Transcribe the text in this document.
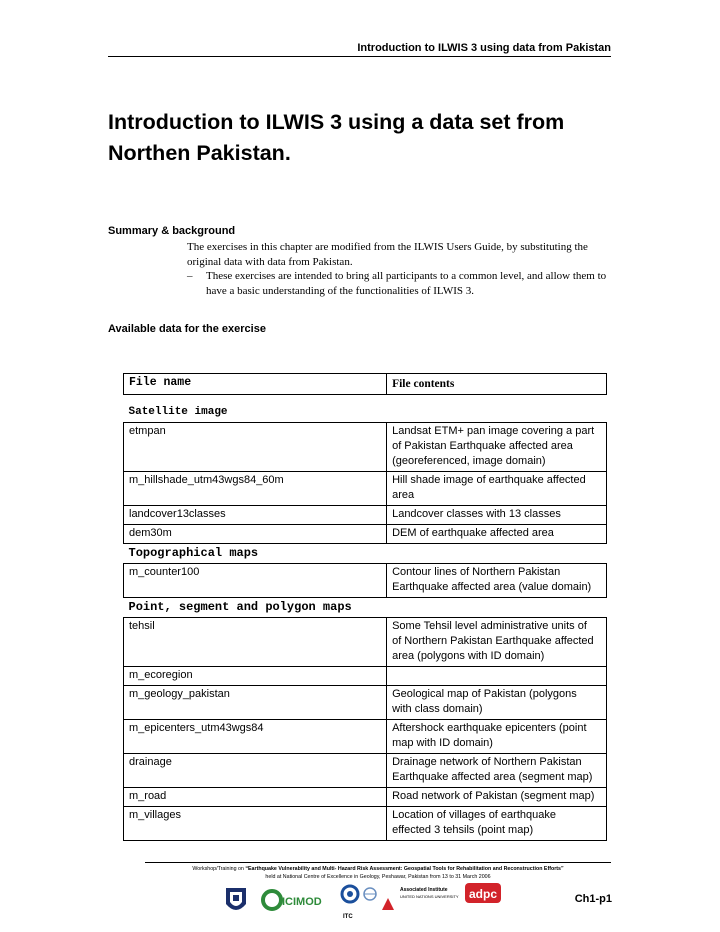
Introduction to ILWIS 3 using data from Pakistan
Introduction to ILWIS 3 using a data set from
Northen Pakistan.
Summary & background
The exercises in this chapter are modified from the ILWIS Users Guide, by substituting the
original data with data from Pakistan.
– These exercises are intended to bring all participants to a common level, and allow them to
have a basic understanding of the functionalities of ILWIS 3.
Available data for the exercise
File name	File contents

Satellite image	
etmpan	Landsat ETM+ pan image covering a part
of Pakistan Earthquake affected area
(georeferenced, image domain)

m_hillshade_utm43wgs84_60m	Hill shade image of earthquake affected
area

landcover13classes	Landcover classes with 13 classes

dem30m	DEM of earthquake affected area

Topographical maps	
m_counter100	Contour lines of Northern Pakistan
Earthquake affected area (value domain)

Point, segment and polygon maps	
tehsil	Some Tehsil level administrative units of
of Northern Pakistan Earthquake affected
area (polygons with ID domain)

m_ecoregion	

m_geology_pakistan	Geological map of Pakistan (polygons
with class domain)

m_epicenters_utm43wgs84	Aftershock earthquake epicenters (point
map with ID domain)

drainage	Drainage network of Northern Pakistan
Earthquake affected area (segment map)

m_road	Road network of Pakistan (segment map)

m_villages	Location of villages of earthquake
effected 3 tehsils (point map)
Workshop/Training on “Earthquake Vulnerability and Multi- Hazard Risk Assessment: Geospatial Tools for Rehabilitation and Reconstruction Efforts”
held at National Centre of Excellence in Geology, Peshawar, Pakistan from 13 to 31 March 2006
ICIMOD
ITC
Associated Institute
UNITED NATIONS UNIVERSITY adpc	Ch1-p1
